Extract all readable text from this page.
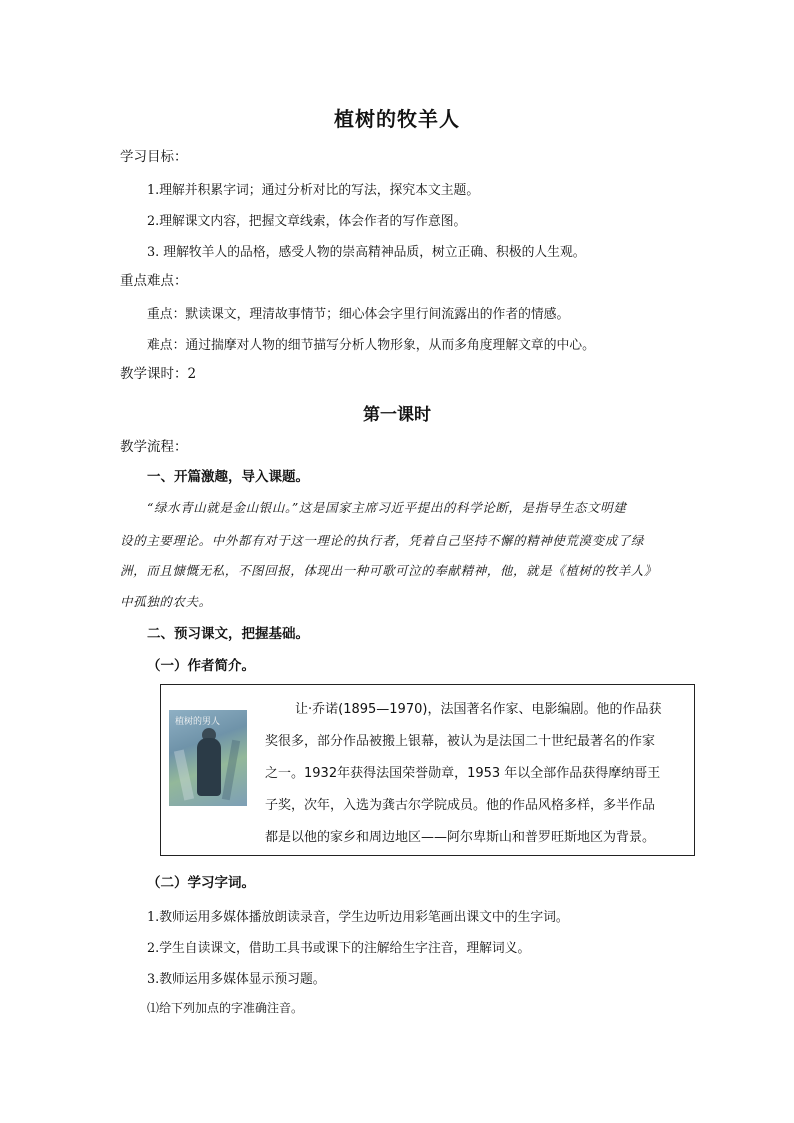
植树的牧羊人
学习目标：
1.理解并积累字词；通过分析对比的写法，探究本文主题。
2.理解课文内容，把握文章线索，体会作者的写作意图。
3. 理解牧羊人的品格，感受人物的崇高精神品质，树立正确、积极的人生观。
重点难点：
重点：默读课文，理清故事情节；细心体会字里行间流露出的作者的情感。
难点：通过揣摩对人物的细节描写分析人物形象，从而多角度理解文章的中心。
教学课时：2
第一课时
教学流程：
一、开篇激趣，导入课题。
“绿水青山就是金山银山。”这是国家主席习近平提出的科学论断，是指导生态文明建
设的主要理论。中外都有对于这一理论的执行者，凭着自己坚持不懈的精神使荒漠变成了绿
洲，而且慷慨无私，不图回报，体现出一种可歌可泣的奉献精神，他，就是《植树的牧羊人》
中孤独的农夫。
二、预习课文，把握基础。
（一）作者简介。
植树的男人
让·乔诺(1895—1970)，法国著名作家、电影编剧。他的作品获
奖很多，部分作品被搬上银幕，被认为是法国二十世纪最著名的作家
之一。1932年获得法国荣誉勋章，1953 年以全部作品获得摩纳哥王
子奖，次年，入选为龚古尔学院成员。他的作品风格多样，多半作品
都是以他的家乡和周边地区——阿尔卑斯山和普罗旺斯地区为背景。
（二）学习字词。
1.教师运用多媒体播放朗读录音，学生边听边用彩笔画出课文中的生字词。
2.学生自读课文，借助工具书或课下的注解给生字注音，理解词义。
3.教师运用多媒体显示预习题。
⑴给下列加点的字准确注音。
